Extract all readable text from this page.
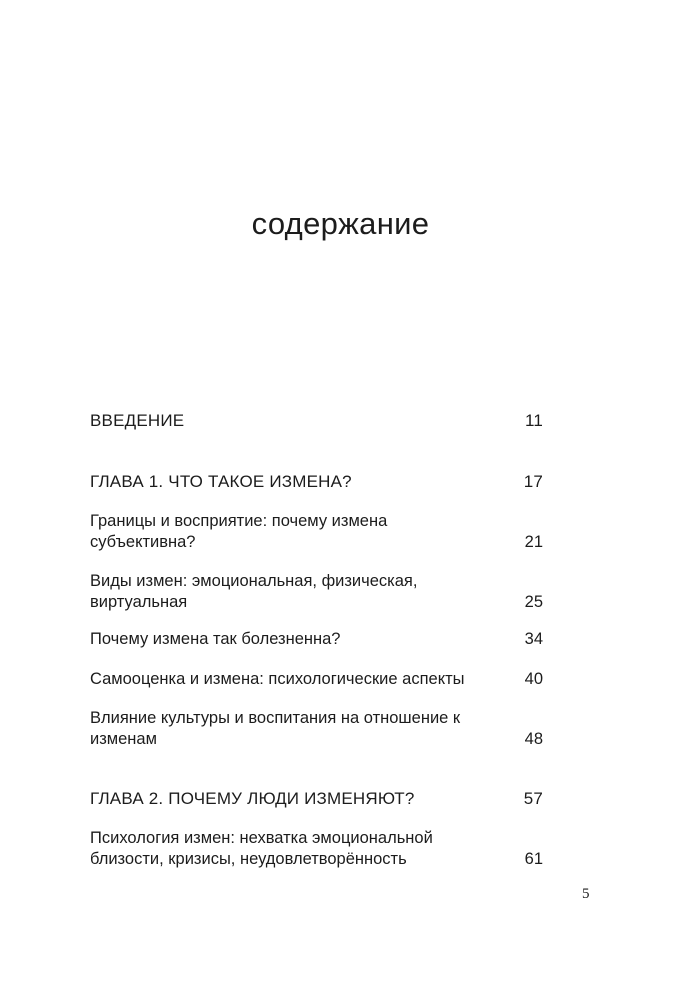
содержание
ВВЕДЕНИЕ	11
ГЛАВА 1. ЧТО ТАКОЕ ИЗМЕНА?	17
Границы и восприятие: почему измена субъективна?	21
Виды измен: эмоциональная, физическая, виртуальная	25
Почему измена так болезненна?	34
Самооценка и измена: психологические аспекты	40
Влияние культуры и воспитания на отношение к изменам	48
ГЛАВА 2. ПОЧЕМУ ЛЮДИ ИЗМЕНЯЮТ?	57
Психология измен: нехватка эмоциональной близости, кризисы, неудовлетворённость	61
5
